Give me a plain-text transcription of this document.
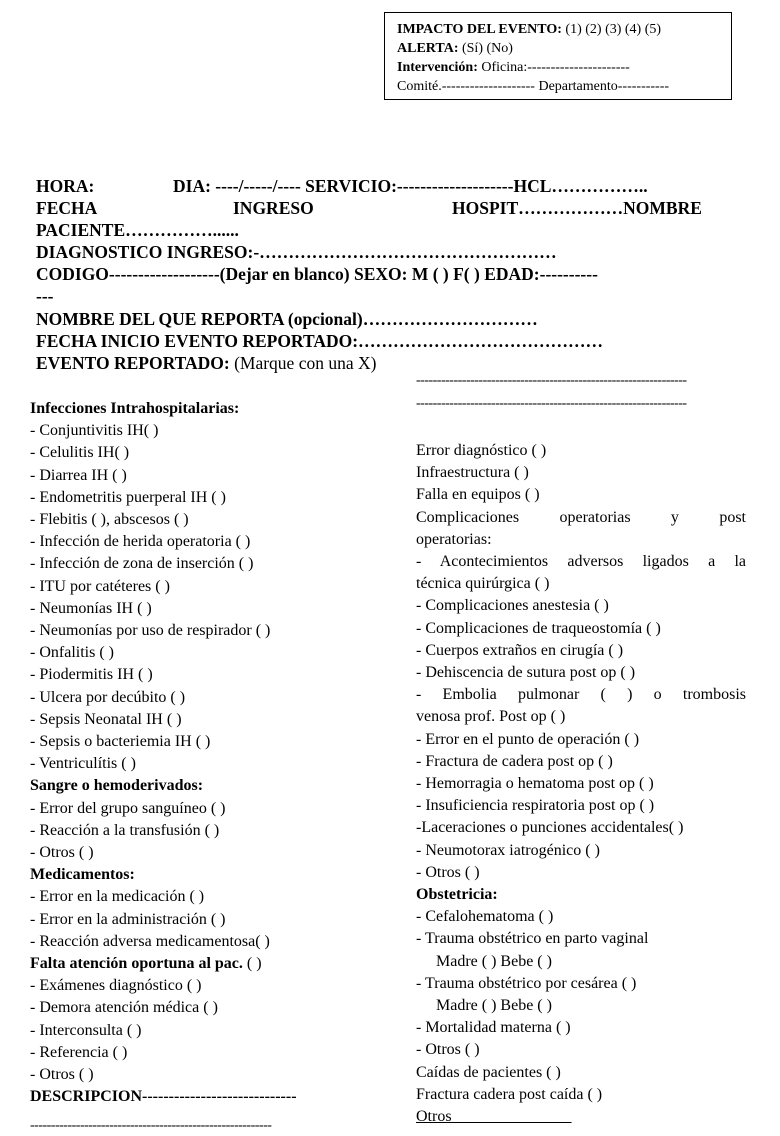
IMPACTO DEL EVENTO: (1) (2) (3) (4) (5)
ALERTA: (Sí) (No)
Intervención: Oficina:----------------------
Comité.-------------------- Departamento-----------
HORA:	DIA: ----/-----/---- SERVICIO:--------------------HCL……………..
FECHA	INGRESO	HOSPIT………………NOMBRE
PACIENTE……………......
DIAGNOSTICO INGRESO:-……………………………………………
CODIGO-------------------(Dejar en blanco) SEXO: M ( ) F( ) EDAD:----------
---
NOMBRE DEL QUE REPORTA (opcional)…………………………
FECHA INICIO EVENTO REPORTADO:……………………………………
EVENTO REPORTADO: (Marque con una X)
-----------------------------------------------------------------
-----------------------------------------------------------------
Infecciones Intrahospitalarias:
- Conjuntivitis IH( )
- Celulitis IH( )
- Diarrea IH ( )
- Endometritis puerperal IH ( )
- Flebitis ( ), abscesos ( )
- Infección de herida operatoria ( )
- Infección de zona de inserción ( )
- ITU por catéteres ( )
- Neumonías IH ( )
- Neumonías por uso de respirador ( )
- Onfalitis ( )
- Piodermitis IH ( )
- Ulcera por decúbito ( )
- Sepsis Neonatal IH ( )
- Sepsis o bacteriemia IH ( )
- Ventriculítis ( )
Sangre o hemoderivados:
- Error del grupo sanguíneo ( )
- Reacción a la transfusión ( )
- Otros ( )
Medicamentos:
- Error en la medicación ( )
- Error en la administración ( )
- Reacción adversa medicamentosa( )
Falta atención oportuna al pac. ( )
- Exámenes diagnóstico ( )
- Demora atención médica ( )
- Interconsulta ( )
- Referencia ( )
- Otros ( )
DESCRIPCION-----------------------------
----------------------------------------------------------
Error diagnóstico ( )
Infraestructura ( )
Falla en equipos ( )
Complicaciones operatorias y post
operatorias:
- Acontecimientos adversos ligados a la
técnica quirúrgica ( )
- Complicaciones anestesia ( )
- Complicaciones de traqueostomía ( )
- Cuerpos extraños en cirugía ( )
- Dehiscencia de sutura post op ( )
- Embolia pulmonar ( ) o trombosis
venosa prof. Post op ( )
- Error en el punto de operación ( )
- Fractura de cadera post op ( )
- Hemorragia o hematoma post op ( )
- Insuficiencia respiratoria post op ( )
-Laceraciones o punciones accidentales( )
- Neumotorax iatrogénico ( )
- Otros ( )
Obstetricia:
- Cefalohematoma ( )
- Trauma obstétrico en parto vaginal
Madre ( ) Bebe ( )
- Trauma obstétrico por cesárea ( )
Madre ( ) Bebe ( )
- Mortalidad materna ( )
- Otros ( )
Caídas de pacientes ( )
Fractura cadera post caída ( )
Otros
